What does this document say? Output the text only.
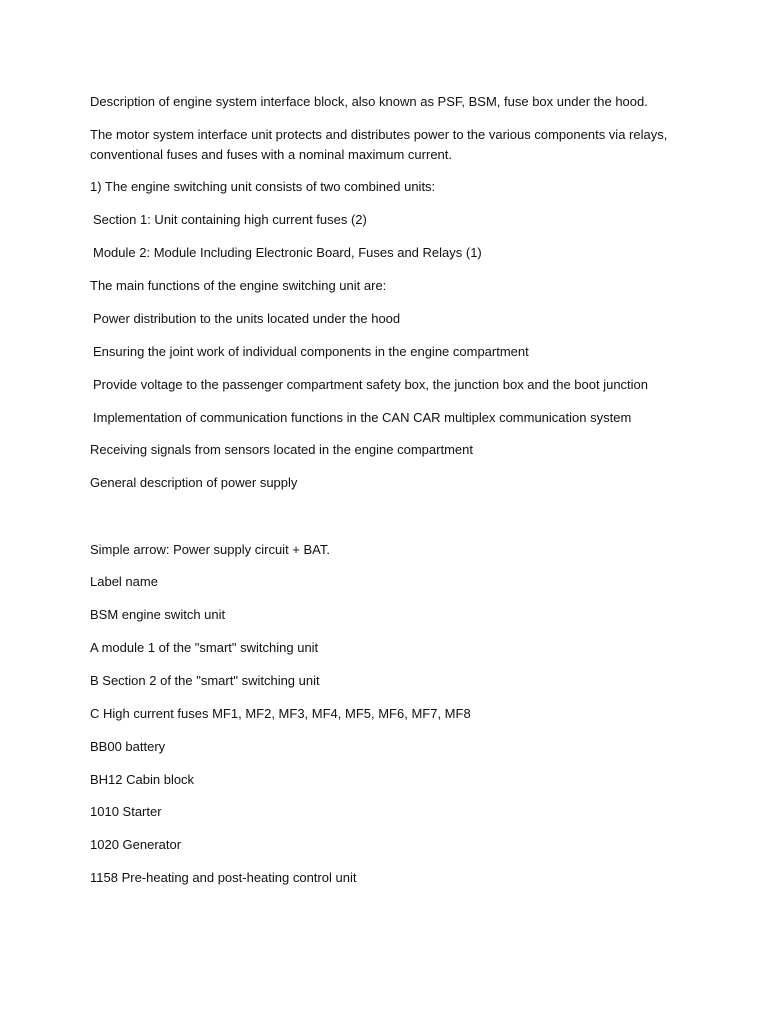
Description of engine system interface block, also known as PSF, BSM, fuse box under the hood.

The motor system interface unit protects and distributes power to the various components via relays,

conventional fuses and fuses with a nominal maximum current.

1) The engine switching unit consists of two combined units:

Section 1: Unit containing high current fuses (2)

Module 2: Module Including Electronic Board, Fuses and Relays (1)

The main functions of the engine switching unit are:

Power distribution to the units located under the hood

Ensuring the joint work of individual components in the engine compartment

Provide voltage to the passenger compartment safety box, the junction box and the boot junction

Implementation of communication functions in the CAN CAR multiplex communication system

Receiving signals from sensors located in the engine compartment

General description of power supply

Simple arrow: Power supply circuit + BAT.

Label name

BSM engine switch unit

A module 1 of the "smart" switching unit

B Section 2 of the "smart" switching unit

C High current fuses MF1, MF2, MF3, MF4, MF5, MF6, MF7, MF8

BB00 battery

BH12 Cabin block

1010 Starter

1020 Generator

1158 Pre-heating and post-heating control unit
